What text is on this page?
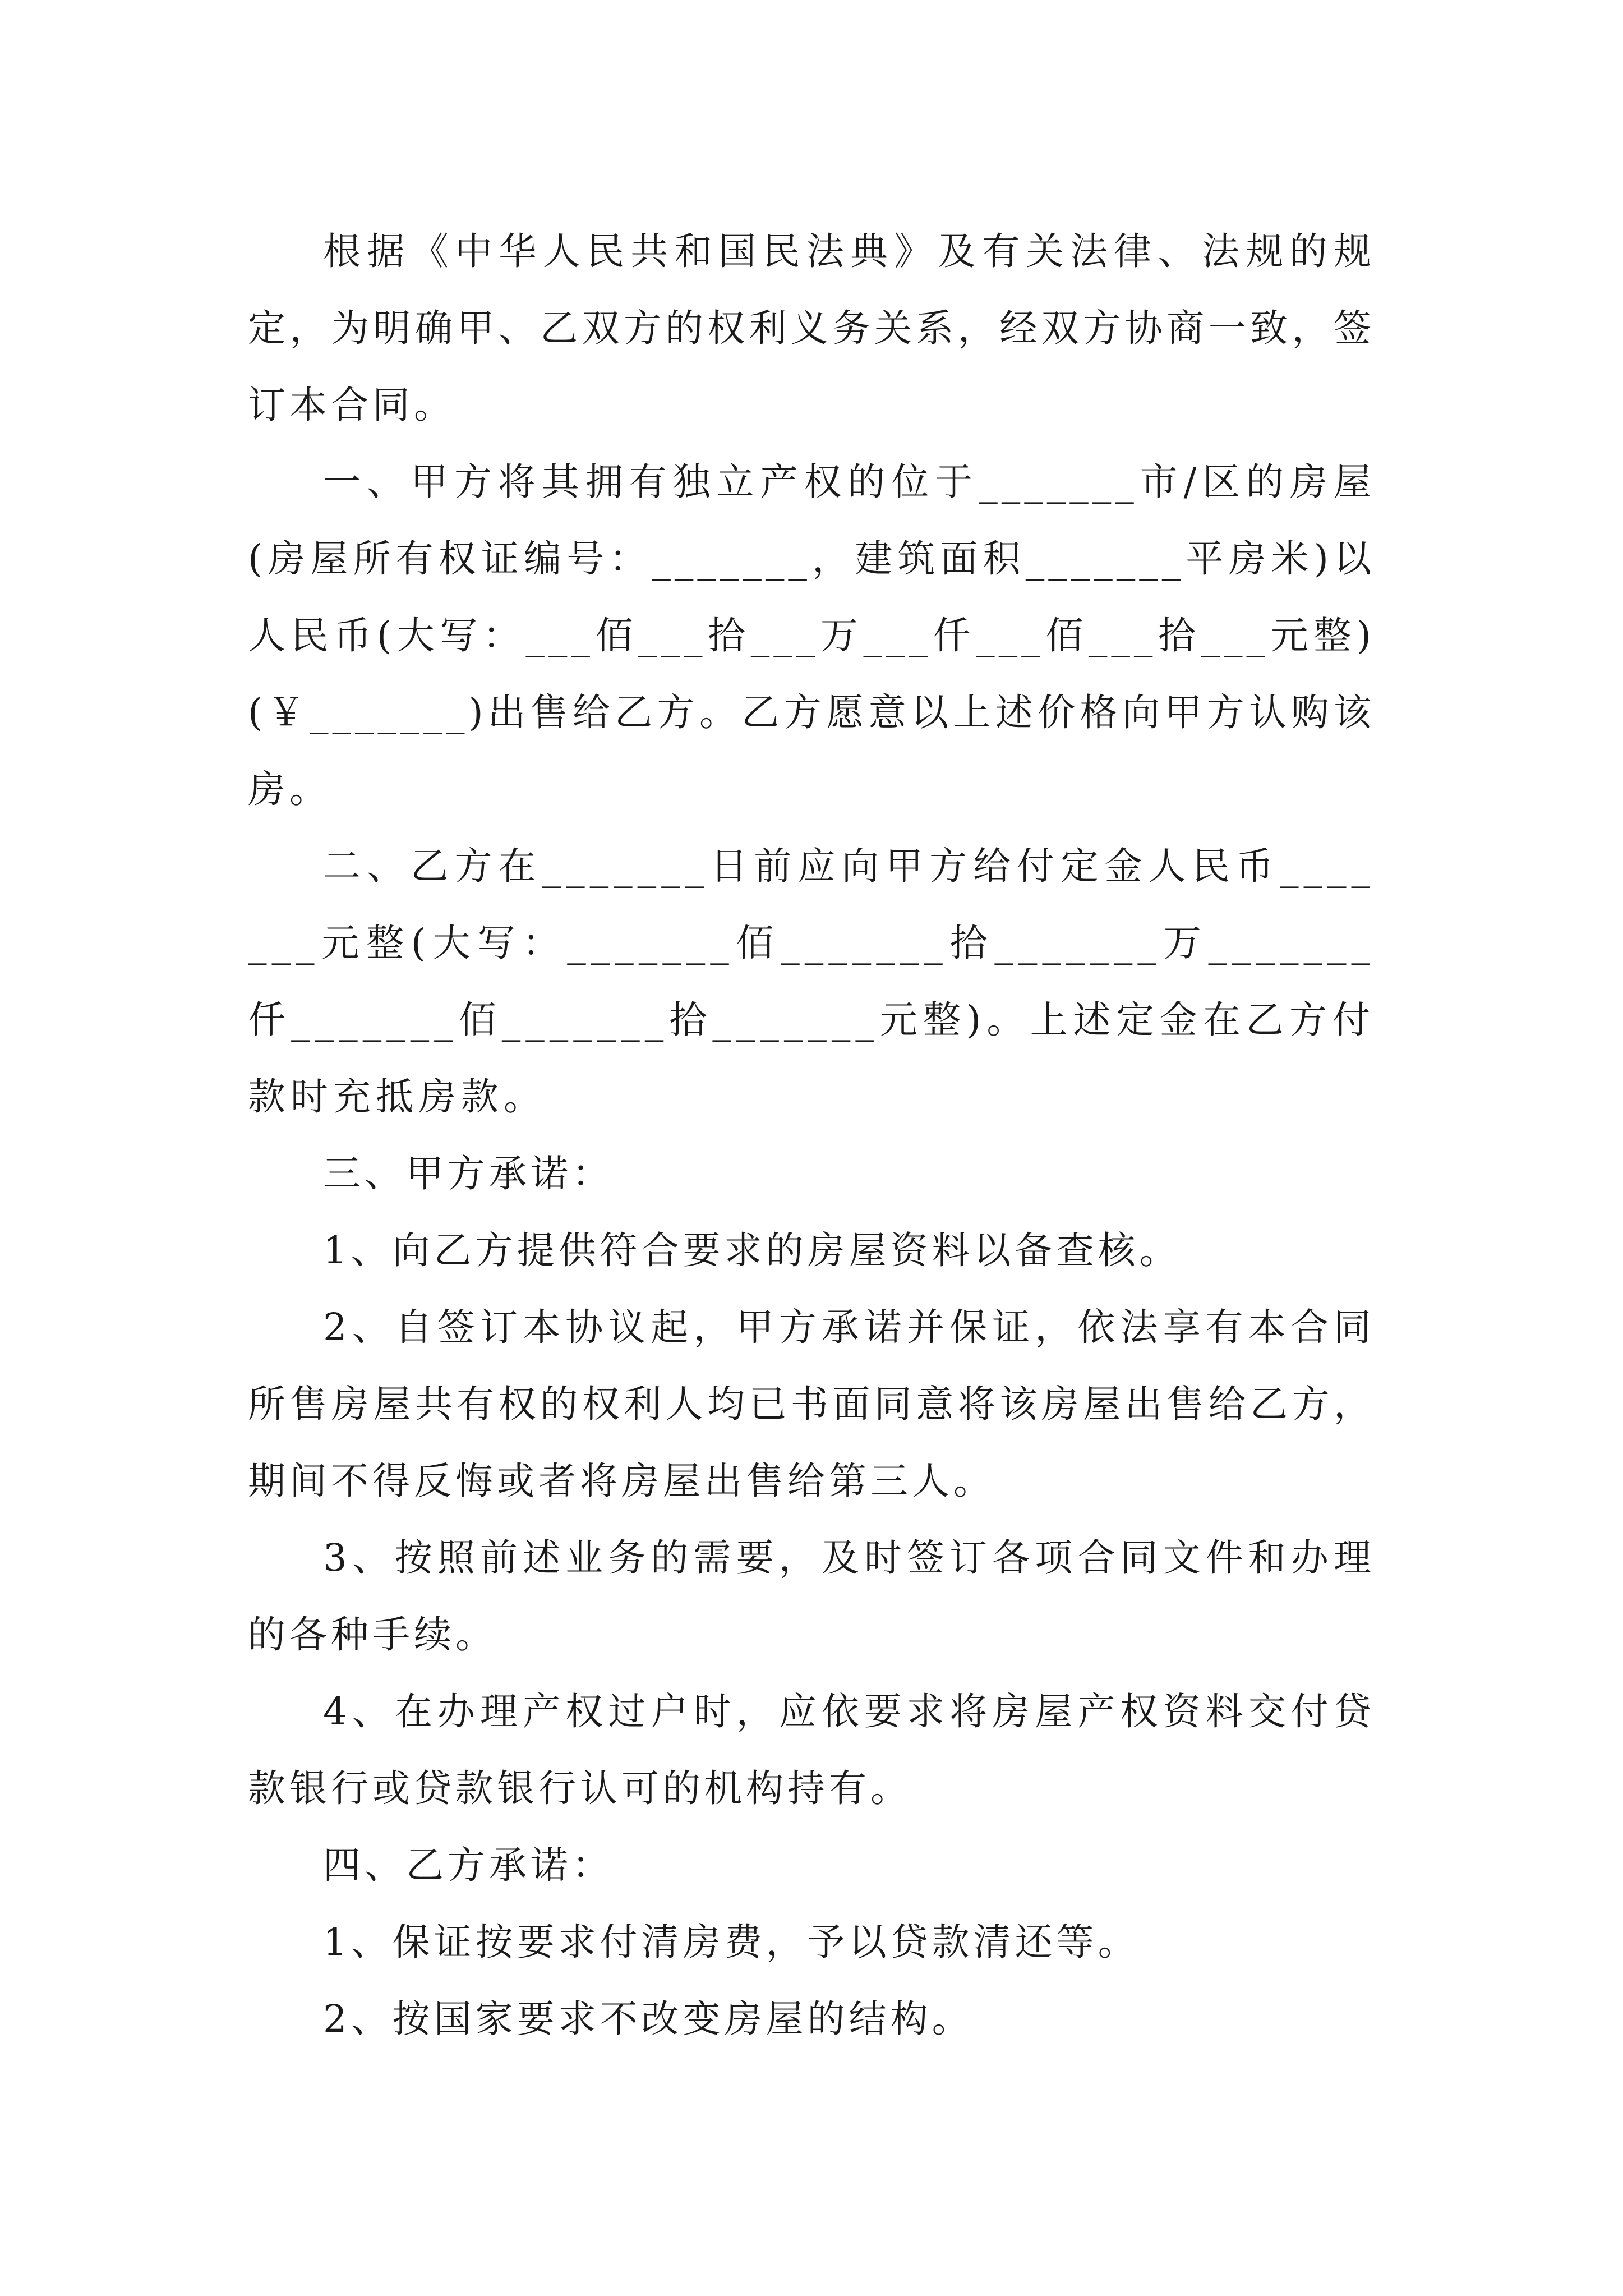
根据《中华人民共和国民法典》及有关法律、法规的规定，为明确甲、乙双方的权利义务关系，经双方协商一致，签订本合同。

一、甲方将其拥有独立产权的位于_______市/区的房屋(房屋所有权证编号：_______，建筑面积_______平房米)以人民币(大写：___佰___拾___万___仟___佰___拾___元整)(￥_______)出售给乙方。乙方愿意以上述价格向甲方认购该房。

二、乙方在_______日前应向甲方给付定金人民币_______元整(大写：_______佰_______拾_______万_______仟_______佰_______拾_______元整)。上述定金在乙方付款时充抵房款。

三、甲方承诺：

1、向乙方提供符合要求的房屋资料以备查核。

2、自签订本协议起，甲方承诺并保证，依法享有本合同所售房屋共有权的权利人均已书面同意将该房屋出售给乙方，期间不得反悔或者将房屋出售给第三人。

3、按照前述业务的需要，及时签订各项合同文件和办理的各种手续。

4、在办理产权过户时，应依要求将房屋产权资料交付贷款银行或贷款银行认可的机构持有。

四、乙方承诺：

1、保证按要求付清房费，予以贷款清还等。

2、按国家要求不改变房屋的结构。
